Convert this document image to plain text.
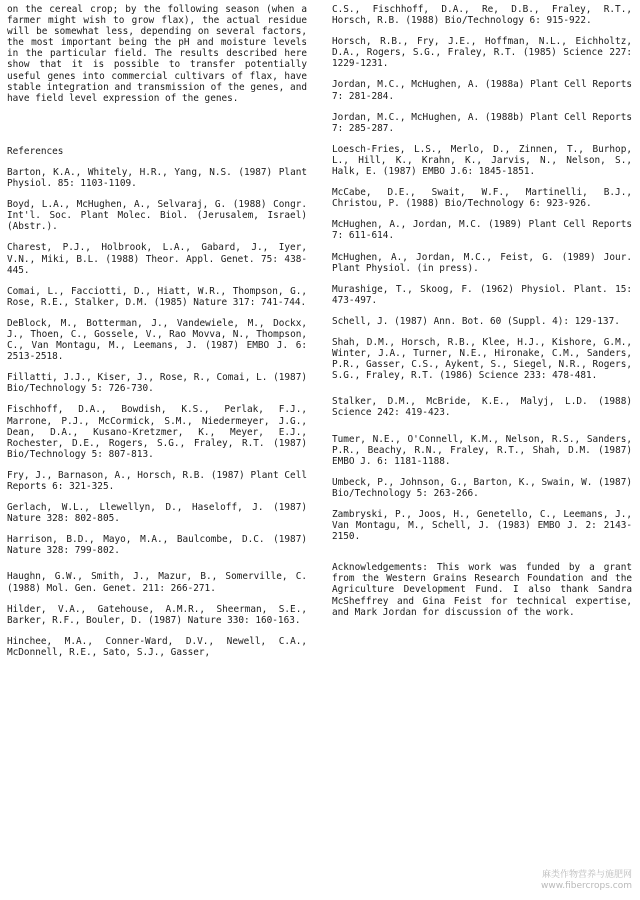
on the cereal crop; by the following season (when a farmer might wish to grow flax), the actual residue will be somewhat less, depending on several factors, the most important being the pH and moisture levels in the particular field. The results described here show that it is possible to transfer potentially useful genes into commercial cultivars of flax, have stable integration and transmission of the genes, and have field level expression of the genes.

References
Barton, K.A., Whitely, H.R., Yang, N.S. (1987) Plant Physiol. 85: 1103-1109.
Boyd, L.A., McHughen, A., Selvaraj, G. (1988) Congr. Int'l. Soc. Plant Molec. Biol. (Jerusalem, Israel) (Abstr.).
Charest, P.J., Holbrook, L.A., Gabard, J., Iyer, V.N., Miki, B.L. (1988) Theor. Appl. Genet. 75: 438-445.
Comai, L., Facciotti, D., Hiatt, W.R., Thompson, G., Rose, R.E., Stalker, D.M. (1985) Nature 317: 741-744.
DeBlock, M., Botterman, J., Vandewiele, M., Dockx, J., Thoen, C., Gossele, V., Rao Movva, N., Thompson, C., Van Montagu, M., Leemans, J. (1987) EMBO J. 6: 2513-2518.
Fillatti, J.J., Kiser, J., Rose, R., Comai, L. (1987) Bio/Technology 5: 726-730.
Fischhoff, D.A., Bowdish, K.S., Perlak, F.J., Marrone, P.J., McCormick, S.M., Niedermeyer, J.G., Dean, D.A., Kusano-Kretzmer, K., Meyer, E.J., Rochester, D.E., Rogers, S.G., Fraley, R.T. (1987) Bio/Technology 5: 807-813.
Fry, J., Barnason, A., Horsch, R.B. (1987) Plant Cell Reports 6: 321-325.
Gerlach, W.L., Llewellyn, D., Haseloff, J. (1987) Nature 328: 802-805.
Harrison, B.D., Mayo, M.A., Baulcombe, D.C. (1987) Nature 328: 799-802.
Haughn, G.W., Smith, J., Mazur, B., Somerville, C. (1988) Mol. Gen. Genet. 211: 266-271.
Hilder, V.A., Gatehouse, A.M.R., Sheerman, S.E., Barker, R.F., Bouler, D. (1987) Nature 330: 160-163.
Hinchee, M.A., Conner-Ward, D.V., Newell, C.A., McDonnell, R.E., Sato, S.J., Gasser,
C.S., Fischhoff, D.A., Re, D.B., Fraley, R.T., Horsch, R.B. (1988) Bio/Technology 6: 915-922.
Horsch, R.B., Fry, J.E., Hoffman, N.L., Eichholtz, D.A., Rogers, S.G., Fraley, R.T. (1985) Science 227: 1229-1231.
Jordan, M.C., McHughen, A. (1988a) Plant Cell Reports 7: 281-284.
Jordan, M.C., McHughen, A. (1988b) Plant Cell Reports 7: 285-287.
Loesch-Fries, L.S., Merlo, D., Zinnen, T., Burhop, L., Hill, K., Krahn, K., Jarvis, N., Nelson, S., Halk, E. (1987) EMBO J.6: 1845-1851.
McCabe, D.E., Swait, W.F., Martinelli, B.J., Christou, P. (1988) Bio/Technology 6: 923-926.
McHughen, A., Jordan, M.C. (1989) Plant Cell Reports 7: 611-614.
McHughen, A., Jordan, M.C., Feist, G. (1989) Jour. Plant Physiol. (in press).
Murashige, T., Skoog, F. (1962) Physiol. Plant. 15: 473-497.
Schell, J. (1987) Ann. Bot. 60 (Suppl. 4): 129-137.
Shah, D.M., Horsch, R.B., Klee, H.J., Kishore, G.M., Winter, J.A., Turner, N.E., Hironake, C.M., Sanders, P.R., Gasser, C.S., Aykent, S., Siegel, N.R., Rogers, S.G., Fraley, R.T. (1986) Science 233: 478-481.
Stalker, D.M., McBride, K.E., Malyj, L.D. (1988) Science 242: 419-423.
Tumer, N.E., O'Connell, K.M., Nelson, R.S., Sanders, P.R., Beachy, R.N., Fraley, R.T., Shah, D.M. (1987) EMBO J. 6: 1181-1188.
Umbeck, P., Johnson, G., Barton, K., Swain, W. (1987) Bio/Technology 5: 263-266.
Zambryski, P., Joos, H., Genetello, C., Leemans, J., Van Montagu, M., Schell, J. (1983) EMBO J. 2: 2143-2150.
Acknowledgements: This work was funded by a grant from the Western Grains Research Foundation and the Agriculture Development Fund. I also thank Sandra McSheffrey and Gina Feist for technical expertise, and Mark Jordan for discussion of the work.
麻类作物营养与施肥网
www.fibercrops.com
